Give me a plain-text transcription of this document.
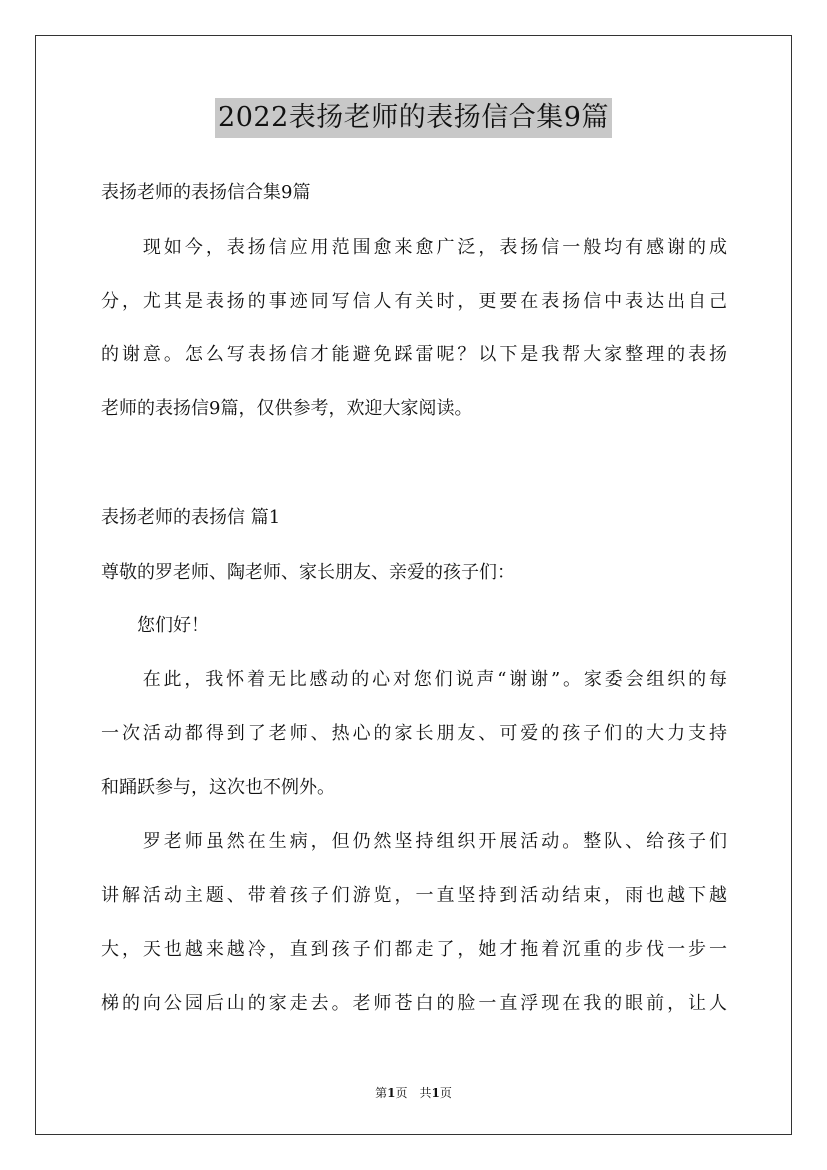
2022表扬老师的表扬信合集9篇
表扬老师的表扬信合集9篇
　　现如今，表扬信应用范围愈来愈广泛，表扬信一般均有感谢的成
分，尤其是表扬的事迹同写信人有关时，更要在表扬信中表达出自己
的谢意。怎么写表扬信才能避免踩雷呢？以下是我帮大家整理的表扬
老师的表扬信9篇，仅供参考，欢迎大家阅读。
表扬老师的表扬信 篇1
尊敬的罗老师、陶老师、家长朋友、亲爱的孩子们：
　　您们好！
　　在此，我怀着无比感动的心对您们说声“谢谢”。家委会组织的每
一次活动都得到了老师、热心的家长朋友、可爱的孩子们的大力支持
和踊跃参与，这次也不例外。
　　罗老师虽然在生病，但仍然坚持组织开展活动。整队、给孩子们
讲解活动主题、带着孩子们游览，一直坚持到活动结束，雨也越下越
大，天也越来越冷，直到孩子们都走了，她才拖着沉重的步伐一步一
梯的向公园后山的家走去。老师苍白的脸一直浮现在我的眼前，让人
第1页　共1页
